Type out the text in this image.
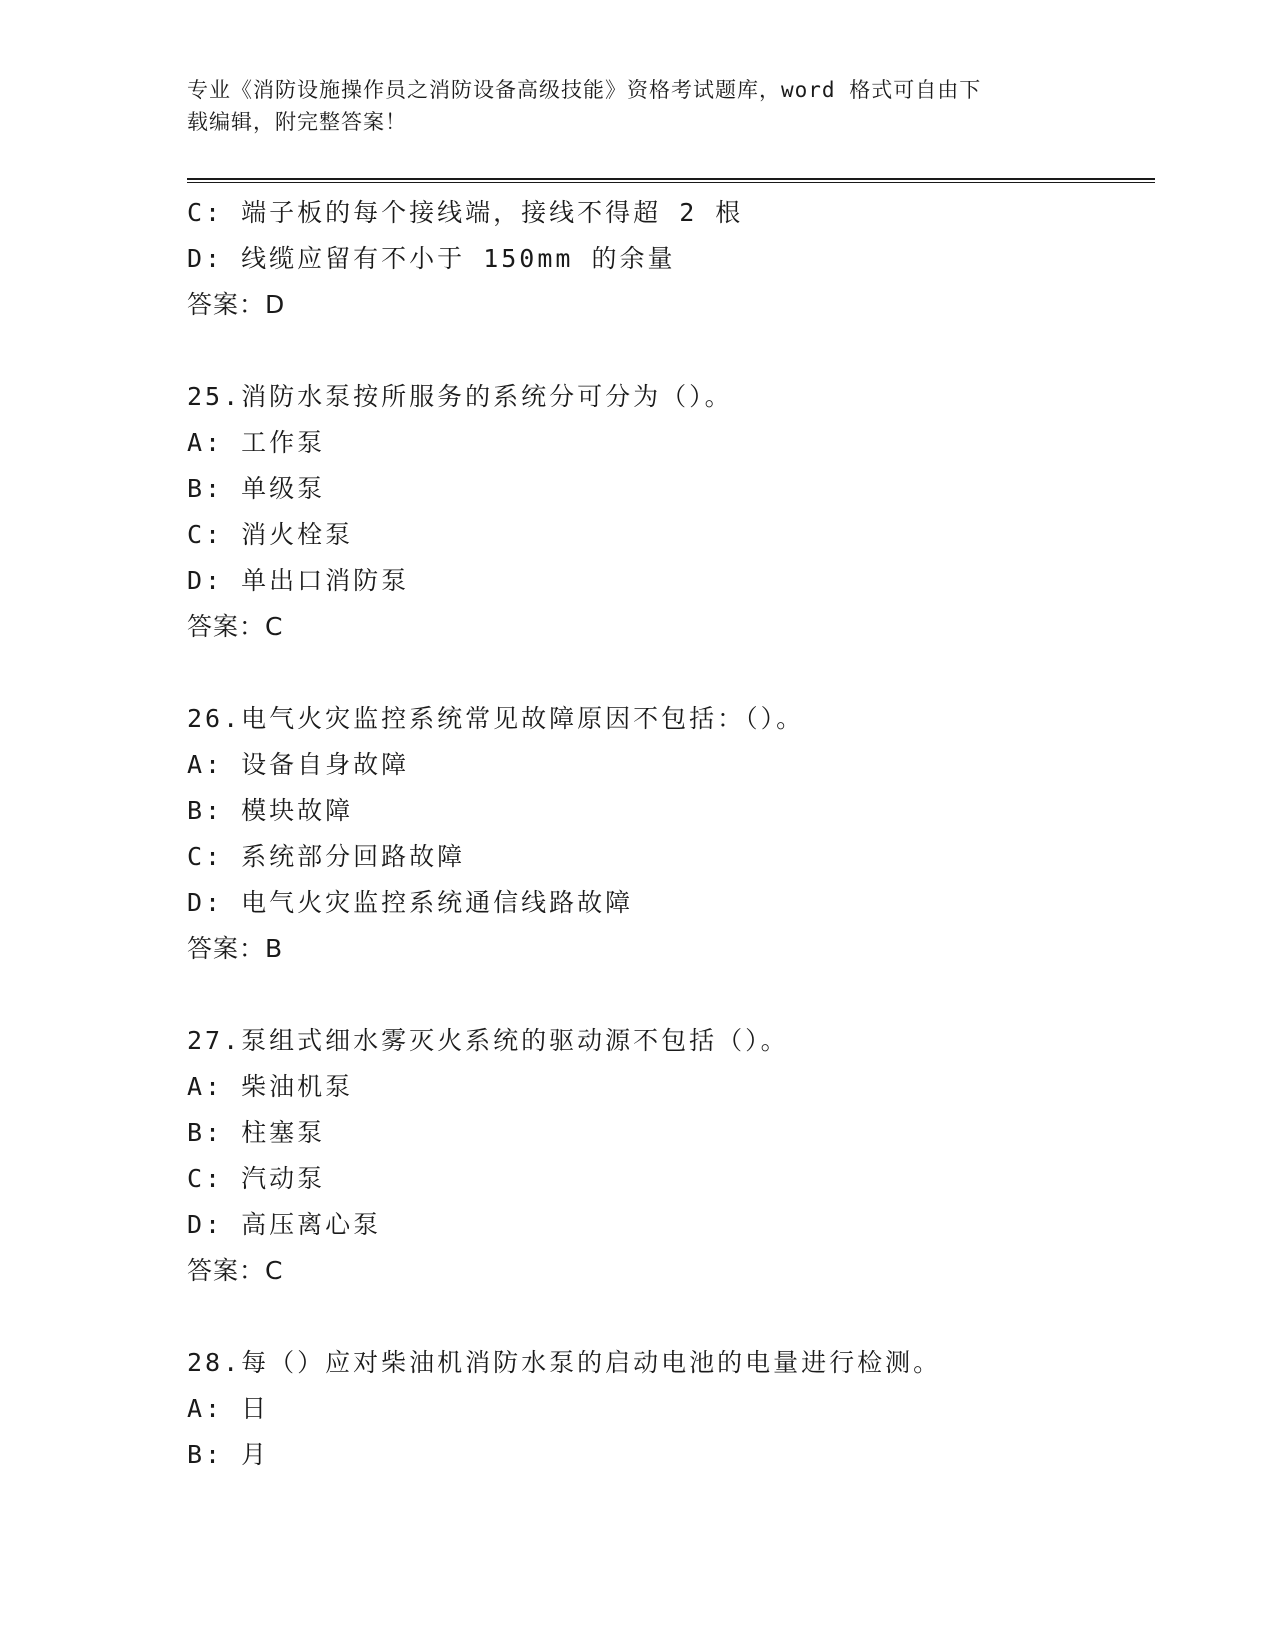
专业《消防设施操作员之消防设备高级技能》资格考试题库，word 格式可自由下
载编辑，附完整答案！
C: 端子板的每个接线端，接线不得超 2 根
D: 线缆应留有不小于 150mm 的余量
答案：D
25.消防水泵按所服务的系统分可分为（）。
A: 工作泵
B: 单级泵
C: 消火栓泵
D: 单出口消防泵
答案：C
26.电气火灾监控系统常见故障原因不包括：（）。
A: 设备自身故障
B: 模块故障
C: 系统部分回路故障
D: 电气火灾监控系统通信线路故障
答案：B
27.泵组式细水雾灭火系统的驱动源不包括（）。
A: 柴油机泵
B: 柱塞泵
C: 汽动泵
D: 高压离心泵
答案：C
28.每（）应对柴油机消防水泵的启动电池的电量进行检测。
A: 日
B: 月
